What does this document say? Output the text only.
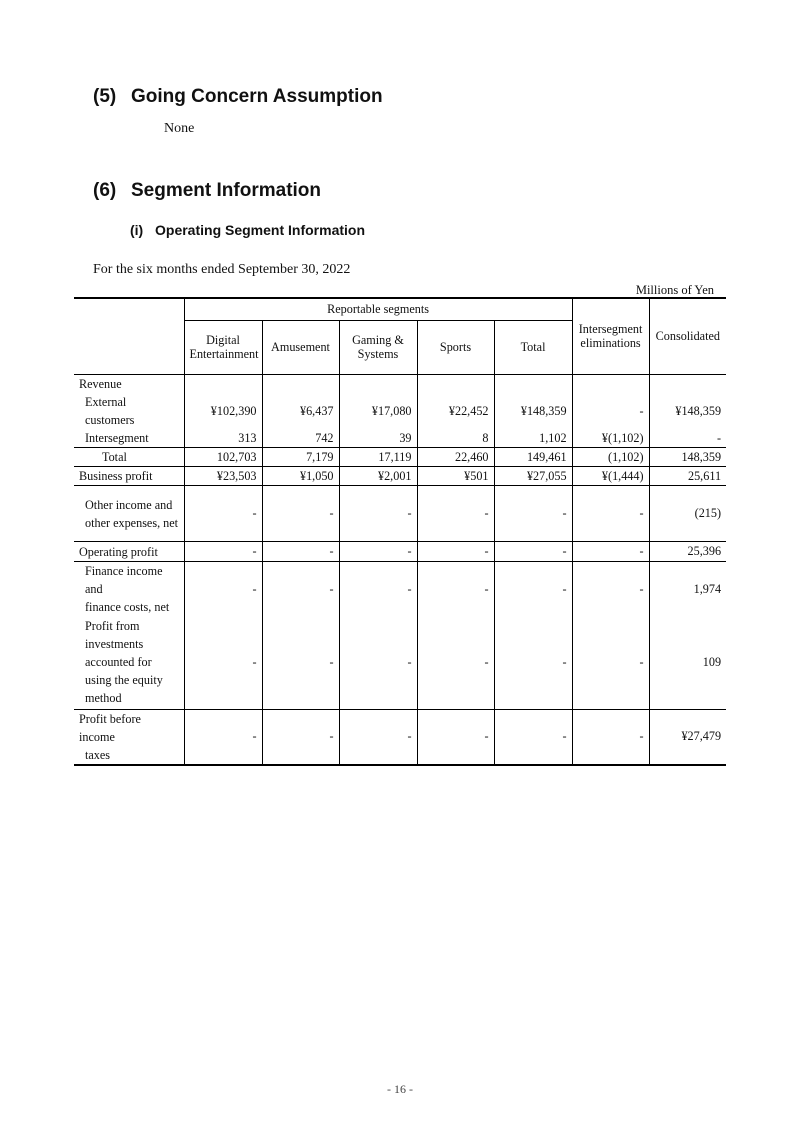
(5) Going Concern Assumption
None
(6) Segment Information
(i) Operating Segment Information
For the six months ended September 30, 2022
Millions of Yen
	Reportable segments					Intersegment eliminations	Consolidated
	Digital Entertainment	Amusement	Gaming & Systems	Sports	Total		
Revenue							
External customers	¥102,390	¥6,437	¥17,080	¥22,452	¥148,359	-	¥148,359
Intersegment	313	742	39	8	1,102	¥(1,102)	-
Total	102,703	7,179	17,119	22,460	149,461	(1,102)	148,359
Business profit	¥23,503	¥1,050	¥2,001	¥501	¥27,055	¥(1,444)	25,611

Other income and
other expenses, net	-	-	-	-	-	-	(215)
Operating profit	-	-	-	-	-	-	25,396

Finance income and
finance costs, net	-	-	-	-	-	-	1,974

Profit from
investments
accounted for
using the equity
method	-	-	-	-	-	-	109

Profit before income
taxes	-	-	-	-	-	-	¥27,479
- 16 -
